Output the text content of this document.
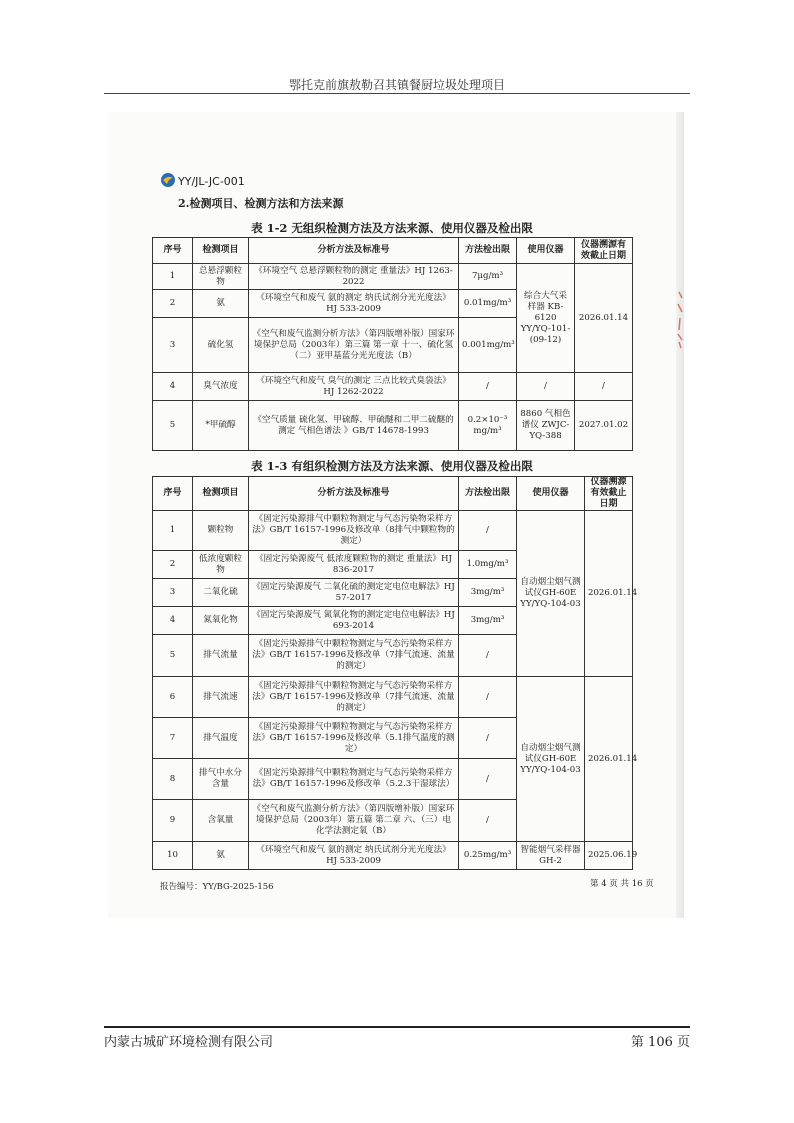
鄂托克前旗敖勒召其镇餐厨垃圾处理项目
YY/JL-JC-001
2.检测项目、检测方法和方法来源
表 1-2 无组织检测方法及方法来源、使用仪器及检出限
序号	检测项目	分析方法及标准号	方法检出限	使用仪器	仪器溯源有效截止日期
1	总悬浮颗粒物	《环境空气 总悬浮颗粒物的测定 重量法》HJ 1263-2022	7μg/m³	综合大气采样器 KB-6120 YY/YQ-101-(09-12)	2026.01.14
2	氨	《环境空气和废气 氨的测定 纳氏试剂分光光度法》HJ 533-2009	0.01mg/m³		
3	硫化氢	《空气和废气监测分析方法》（第四版增补版）国家环境保护总局（2003年）第三篇 第一章 十一、硫化氢 （二）亚甲基蓝分光光度法（B）	0.001mg/m³		
4	臭气浓度	《环境空气和废气 臭气的测定 三点比较式臭袋法》HJ 1262-2022	/	/	/
5	*甲硫醇	《空气质量 硫化氢、甲硫醇、甲硫醚和二甲二硫醚的测定 气相色谱法 》GB/T 14678-1993	0.2×10⁻³ mg/m³	8860 气相色谱仪 ZWJC-YQ-388	2027.01.02
表 1-3 有组织检测方法及方法来源、使用仪器及检出限
序号	检测项目	分析方法及标准号	方法检出限	使用仪器	仪器溯源有效截止日期
1	颗粒物	《固定污染源排气中颗粒物测定与气态污染物采样方法》GB/T 16157-1996及修改单（8排气中颗粒物的测定）	/	自动烟尘烟气测试仪GH-60E YY/YQ-104-03	2026.01.14
2	低浓度颗粒物	《固定污染源废气 低浓度颗粒物的测定 重量法》HJ 836-2017	1.0mg/m³		
3	二氧化硫	《固定污染源废气 二氧化硫的测定定电位电解法》HJ 57-2017	3mg/m³		
4	氮氧化物	《固定污染源废气 氮氧化物的测定定电位电解法》HJ 693-2014	3mg/m³		
5	排气流量	《固定污染源排气中颗粒物测定与气态污染物采样方法》GB/T 16157-1996及修改单（7排气流速、流量的测定）	/		
6	排气流速	《固定污染源排气中颗粒物测定与气态污染物采样方法》GB/T 16157-1996及修改单（7排气流速、流量的测定）	/	自动烟尘烟气测试仪GH-60E YY/YQ-104-03	2026.01.14
7	排气温度	《固定污染源排气中颗粒物测定与气态污染物采样方法》GB/T 16157-1996及修改单（5.1排气温度的测定）	/		
8	排气中水分含量	《固定污染源排气中颗粒物测定与气态污染物采样方法》GB/T 16157-1996及修改单（5.2.3干湿球法）	/		
9	含氧量	《空气和废气监测分析方法》（第四版增补版）国家环境保护总局（2003年）第五篇 第二章 六、（三）电化学法测定氧（B）	/		
10	氨	《环境空气和废气 氨的测定 纳氏试剂分光光度法》HJ 533-2009	0.25mg/m³	智能烟气采样器GH-2	2025.06.19
报告编号：YY/BG-2025-156	第 4 页 共 16 页
内蒙古城矿环境检测有限公司	第 106 页
